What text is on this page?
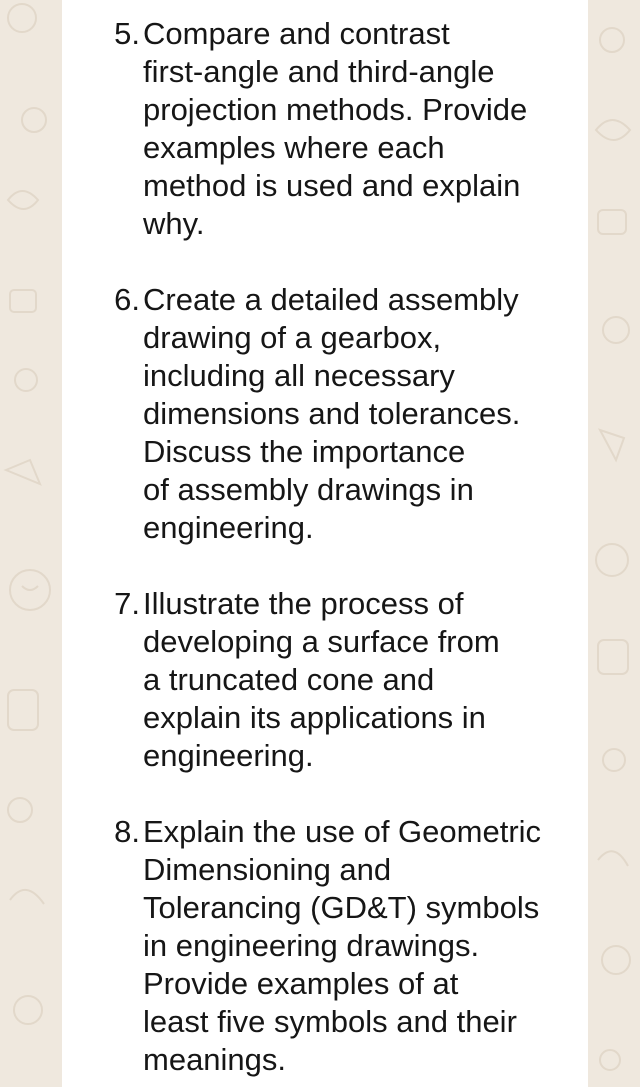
5. Compare and contrast
first-angle and third-angle
projection methods. Provide
examples where each
method is used and explain
why.
6. Create a detailed assembly
drawing of a gearbox,
including all necessary
dimensions and tolerances.
Discuss the importance
of assembly drawings in
engineering.
7. Illustrate the process of
developing a surface from
a truncated cone and
explain its applications in
engineering.
8. Explain the use of Geometric
Dimensioning and
Tolerancing (GD&T) symbols
in engineering drawings.
Provide examples of at
least five symbols and their
meanings.
